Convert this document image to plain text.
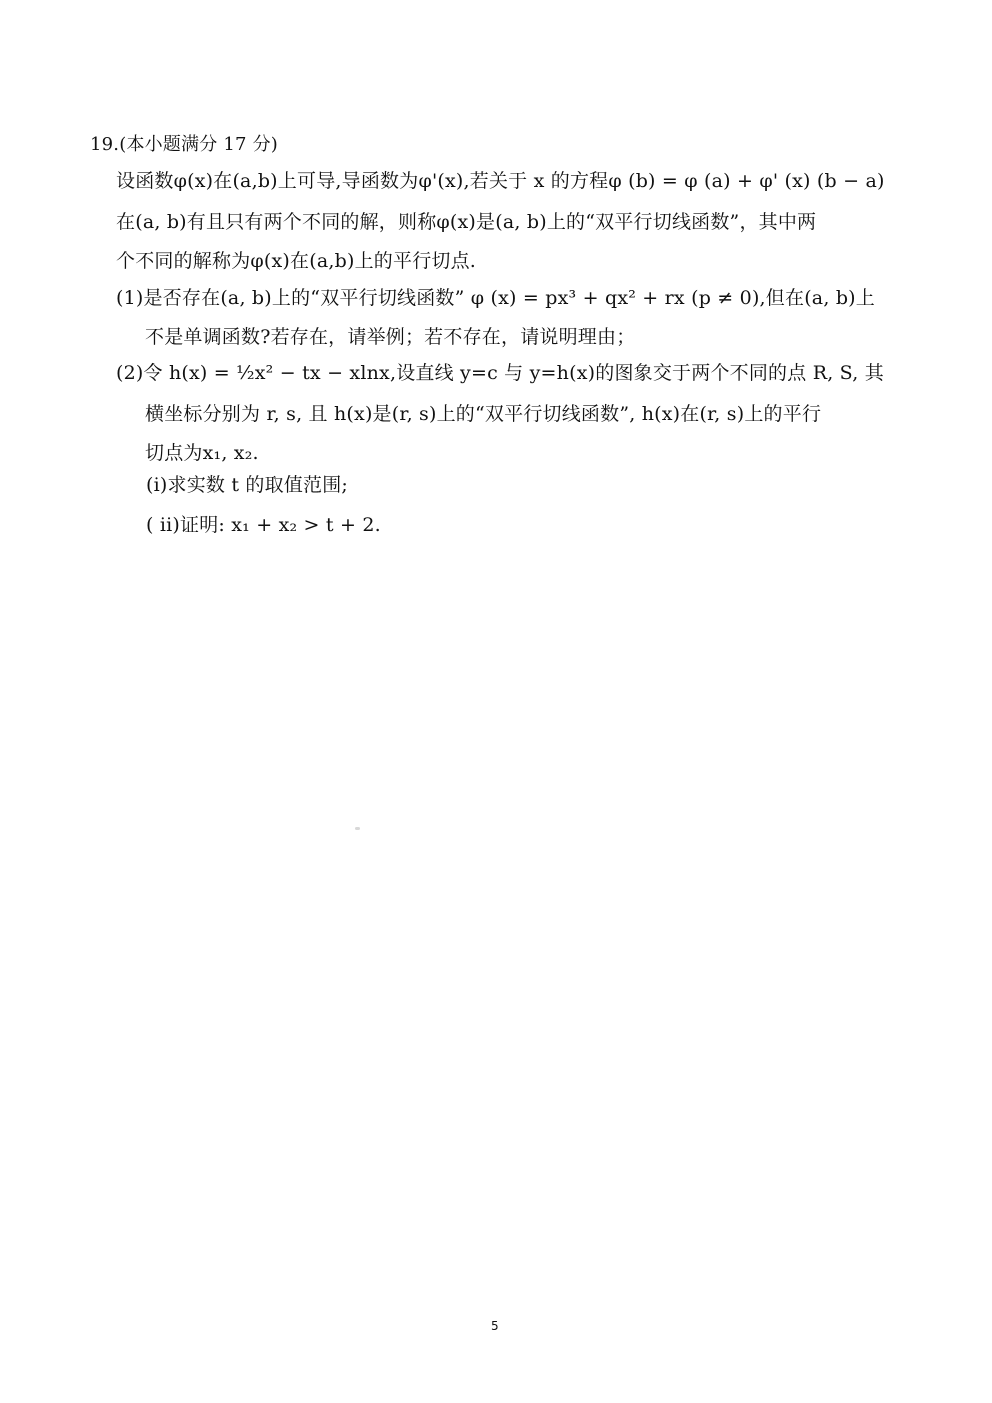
19.(本小题满分 17 分)
设函数φ(x)在(a,b)上可导,导函数为φ'(x),若关于 x 的方程φ (b) = φ (a) + φ' (x) (b − a)
在(a, b)有且只有两个不同的解，则称φ(x)是(a, b)上的“双平行切线函数”，其中两
个不同的解称为φ(x)在(a,b)上的平行切点.
(1)是否存在(a, b)上的“双平行切线函数” φ (x) = px³ + qx² + rx (p ≠ 0),但在(a, b)上
不是单调函数?若存在，请举例；若不存在，请说明理由；
(2)令 h(x) = ½x² − tx − xlnx,设直线 y=c 与 y=h(x)的图象交于两个不同的点 R, S, 其
横坐标分别为 r, s, 且 h(x)是(r, s)上的“双平行切线函数”, h(x)在(r, s)上的平行
切点为x₁, x₂.
(i)求实数 t 的取值范围;
( ii)证明: x₁ + x₂ > t + 2.
5
